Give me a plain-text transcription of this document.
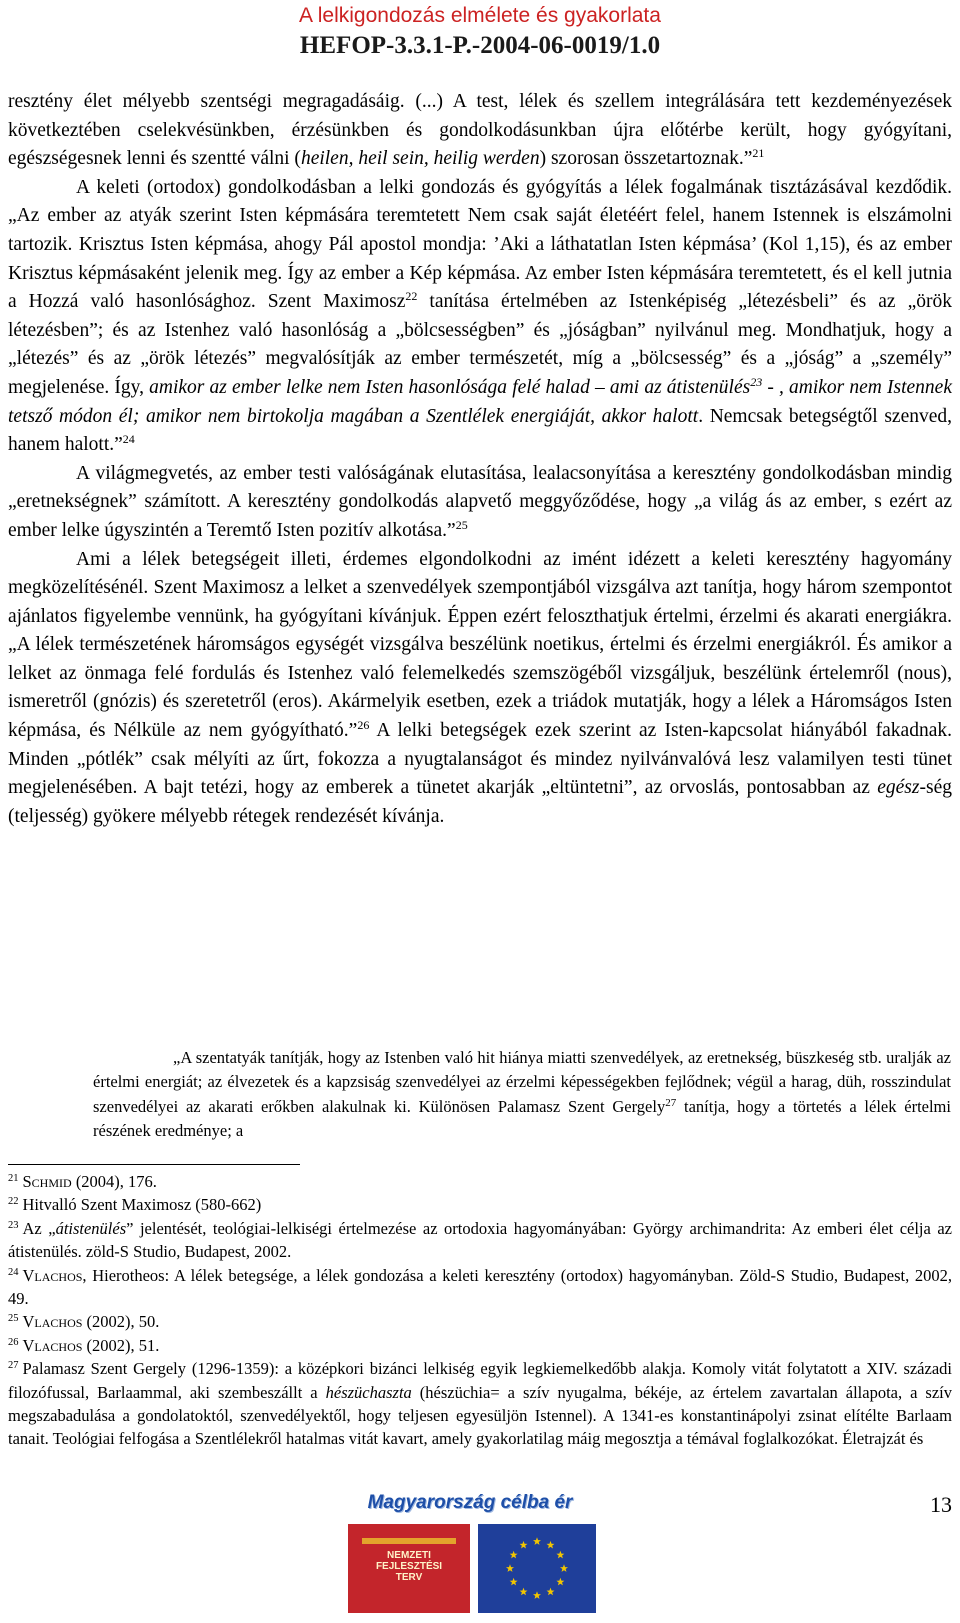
A lelkigondozás elmélete és gyakorlata
HEFOP-3.3.1-P.-2004-06-0019/1.0

resztény élet mélyebb szentségi megragadásáig. (...) A test, lélek és szellem integrálására tett kezdeményezések következtében cselekvésünkben, érzésünkben és gondolkodásunkban újra előtérbe került, hogy gyógyítani, egészségesnek lenni és szentté válni (heilen, heil sein, heilig werden) szorosan összetartoznak.”$^{21}$

A keleti (ortodox) gondolkodásban a lelki gondozás és gyógyítás a lélek fogalmának tisztázásával kezdődik. „Az ember az atyák szerint Isten képmására teremtetett Nem csak saját életéért felel, hanem Istennek is elszámolni tartozik. Krisztus Isten képmása, ahogy Pál apostol mondja: ’Aki a láthatatlan Isten képmása’ (Kol 1,15), és az ember Krisztus képmásaként jelenik meg. Így az ember a Kép képmása. Az ember Isten képmására teremtetett, és el kell jutnia a Hozzá való hasonlósághoz. Szent Maximosz$^{22}$ tanítása értelmében az Istenképiség „létezésbeli” és az „örök létezésben”; és az Istenhez való hasonlóság a „bölcsességben” és „jóságban” nyilvánul meg. Mondhatjuk, hogy a „létezés” és az „örök létezés” megvalósítják az ember természetét, míg a „bölcsesség” és a „jóság” a „személy” megjelenése. Így, amikor az ember lelke nem Isten hasonlósága felé halad – ami az átistenülés$^{23}$ - , amikor nem Istennek tetsző módon él; amikor nem birtokolja magában a Szentlélek energiáját, akkor halott. Nemcsak betegségtől szenved, hanem halott.”$^{24}$

A világmegvetés, az ember testi valóságának elutasítása, lealacsonyítása a keresztény gondolkodásban mindig „eretnekségnek” számított. A keresztény gondolkodás alapvető meggyőződése, hogy „a világ ás az ember, s ezért az ember lelke úgyszintén a Teremtő Isten pozitív alkotása.”$^{25}$

Ami a lélek betegségeit illeti, érdemes elgondolkodni az imént idézett a keleti keresztény hagyomány megközelítésénél. Szent Maximosz a lelket a szenvedélyek szempontjából vizsgálva azt tanítja, hogy három szempontot ajánlatos figyelembe vennünk, ha gyógyítani kívánjuk. Éppen ezért feloszthatjuk értelmi, érzelmi és akarati energiákra. „A lélek természetének háromságos egységét vizsgálva beszélünk noetikus, értelmi és érzelmi energiákról. És amikor a lelket az önmaga felé fordulás és Istenhez való felemelkedés szemszögéből vizsgáljuk, beszélünk értelemről (nous), ismeretről (gnózis) és szeretetről (eros). Akármelyik esetben, ezek a triádok mutatják, hogy a lélek a Háromságos Isten képmása, és Nélküle az nem gyógyítható.”$^{26}$ A lelki betegségek ezek szerint az Isten-kapcsolat hiányából fakadnak. Minden „pótlék” csak mélyíti az űrt, fokozza a nyugtalanságot és mindez nyilvánvalóvá lesz valamilyen testi tünet megjelenésében. A bajt tetézi, hogy az emberek a tünetet akarják „eltüntetni”, az orvoslás, pontosabban az egész-ség (teljesség) gyökere mélyebb rétegek rendezését kívánja.

„A szentatyák tanítják, hogy az Istenben való hit hiánya miatti szenvedélyek, az eretnekség, büszkeség stb. uralják az értelmi energiát; az élvezetek és a kapzsiság szenvedélyei az érzelmi képességekben fejlődnek; végül a harag, düh, rosszindulat szenvedélyei az akarati erőkben alakulnak ki. Különösen Palamasz Szent Gergely$^{27}$ tanítja, hogy a törtetés a lélek értelmi részének eredménye; a

$^{21}$ Schmid (2004), 176.

$^{22}$ Hitvalló Szent Maximosz (580-662)

$^{23}$ Az „átistenülés” jelentését, teológiai-lelkiségi értelmezése az ortodoxia hagyományában: György archimandrita: Az emberi élet célja az átistenülés. zöld-S Studio, Budapest, 2002.

$^{24}$ Vlachos, Hierotheos: A lélek betegsége, a lélek gondozása a keleti keresztény (ortodox) hagyományban. Zöld-S Studio, Budapest, 2002, 49.

$^{25}$ Vlachos (2002), 50.

$^{26}$ Vlachos (2002), 51.

$^{27}$ Palamasz Szent Gergely (1296-1359): a középkori bizánci lelkiség egyik legkiemelkedőbb alakja. Komoly vitát folytatott a XIV. századi filozófussal, Barlaammal, aki szembeszállt a hészüchaszta (hészüchia= a szív nyugalma, békéje, az értelem zavartalan állapota, a szív megszabadulása a gondolatoktól, szenvedélyektől, hogy teljesen egyesüljön Istennel). A 1341-es konstantinápolyi zsinat elítélte Barlaam tanait. Teológiai felfogása a Szentlélekről hatalmas vitát kavart, amely gyakorlatilag máig megosztja a témával foglalkozókat. Életrajzát és

Magyarország célba ér	13
NEMZETI
FEJLESZTÉSI
TERV
